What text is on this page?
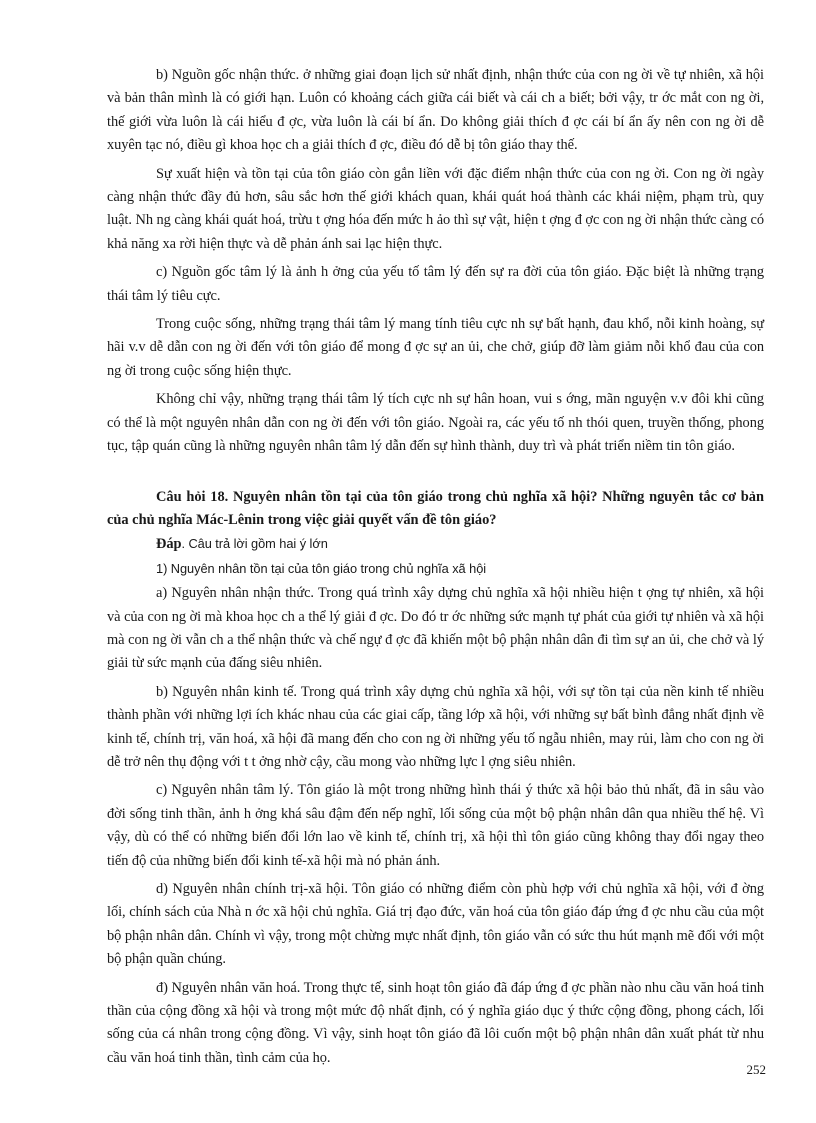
b) Nguồn gốc nhận thức. ở những giai đoạn lịch sử nhất định, nhận thức của con ng ời về tự nhiên, xã hội và bản thân mình là có giới hạn. Luôn có khoảng cách giữa cái biết và cái ch a biết; bởi vậy, tr ớc mắt con ng ời, thế giới vừa luôn là cái hiểu đ ợc, vừa luôn là cái bí ẩn. Do không giải thích đ ợc cái bí ẩn ấy nên con ng ời dễ xuyên tạc nó, điều gì khoa học ch a giải thích đ ợc, điều đó dễ bị tôn giáo thay thế.

Sự xuất hiện và tồn tại của tôn giáo còn gắn liền với đặc điểm nhận thức của con ng ời. Con ng ời ngày càng nhận thức đầy đủ hơn, sâu sắc hơn thế giới khách quan, khái quát hoá thành các khái niệm, phạm trù, quy luật. Nh ng càng khái quát hoá, trừu t ợng hóa đến mức h ảo thì sự vật, hiện t ợng đ ợc con ng ời nhận thức càng có khả năng xa rời hiện thực và dễ phản ánh sai lạc hiện thực.

c) Nguồn gốc tâm lý là ảnh h ởng của yếu tố tâm lý đến sự ra đời của tôn giáo. Đặc biệt là những trạng thái tâm lý tiêu cực.

Trong cuộc sống, những trạng thái tâm lý mang tính tiêu cực nh sự bất hạnh, đau khổ, nỗi kinh hoàng, sự hãi v.v dễ dẫn con ng ời đến với tôn giáo để mong đ ợc sự an ủi, che chở, giúp đỡ làm giảm nỗi khổ đau của con ng ời trong cuộc sống hiện thực.

Không chỉ vậy, những trạng thái tâm lý tích cực nh sự hân hoan, vui s ớng, mãn nguyện v.v đôi khi cũng có thể là một nguyên nhân dẫn con ng ời đến với tôn giáo. Ngoài ra, các yếu tố nh thói quen, truyền thống, phong tục, tập quán cũng là những nguyên nhân tâm lý dẫn đến sự hình thành, duy trì và phát triển niềm tin tôn giáo.

Câu hỏi 18. Nguyên nhân tồn tại của tôn giáo trong chủ nghĩa xã hội? Những nguyên tắc cơ bản của chủ nghĩa Mác-Lênin trong việc giải quyết vấn đề tôn giáo?

Đáp. Câu trả lời gồm hai ý lớn

1) Nguyên nhân tồn tại của tôn giáo trong chủ nghĩa xã hội

a) Nguyên nhân nhận thức. Trong quá trình xây dựng chủ nghĩa xã hội nhiều hiện t ợng tự nhiên, xã hội và của con ng ời mà khoa học ch a thể lý giải đ ợc. Do đó tr ớc những sức mạnh tự phát của giới tự nhiên và xã hội mà con ng ời vẫn ch a thể nhận thức và chế ngự đ ợc đã khiến một bộ phận nhân dân đi tìm sự an ủi, che chở và lý giải từ sức mạnh của đấng siêu nhiên.

b) Nguyên nhân kinh tế. Trong quá trình xây dựng chủ nghĩa xã hội, với sự tồn tại của nền kinh tế nhiều thành phần với những lợi ích khác nhau của các giai cấp, tầng lớp xã hội, với những sự bất bình đẳng nhất định về kinh tế, chính trị, văn hoá, xã hội đã mang đến cho con ng ời những yếu tố ngẫu nhiên, may rủi, làm cho con ng ời dễ trở nên thụ động với t t ởng nhờ cậy, cầu mong vào những lực l ợng siêu nhiên.

c) Nguyên nhân tâm lý. Tôn giáo là một trong những hình thái ý thức xã hội bảo thủ nhất, đã in sâu vào đời sống tinh thần, ảnh h ởng khá sâu đậm đến nếp nghĩ, lối sống của một bộ phận nhân dân qua nhiều thế hệ. Vì vậy, dù có thể có những biến đổi lớn lao về kinh tế, chính trị, xã hội thì tôn giáo cũng không thay đổi ngay theo tiến độ của những biến đổi kinh tế-xã hội mà nó phản ánh.

d) Nguyên nhân chính trị-xã hội. Tôn giáo có những điểm còn phù hợp với chủ nghĩa xã hội, với đ ờng lối, chính sách của Nhà n ớc xã hội chủ nghĩa. Giá trị đạo đức, văn hoá của tôn giáo đáp ứng đ ợc nhu cầu của một bộ phận nhân dân. Chính vì vậy, trong một chừng mực nhất định, tôn giáo vẫn có sức thu hút mạnh mẽ đối với một bộ phận quần chúng.

đ) Nguyên nhân văn hoá. Trong thực tế, sinh hoạt tôn giáo đã đáp ứng đ ợc phần nào nhu cầu văn hoá tinh thần của cộng đồng xã hội và trong một mức độ nhất định, có ý nghĩa giáo dục ý thức cộng đồng, phong cách, lối sống của cá nhân trong cộng đồng. Vì vậy, sinh hoạt tôn giáo đã lôi cuốn một bộ phận nhân dân xuất phát từ nhu cầu văn hoá tinh thần, tình cảm của họ.

252
